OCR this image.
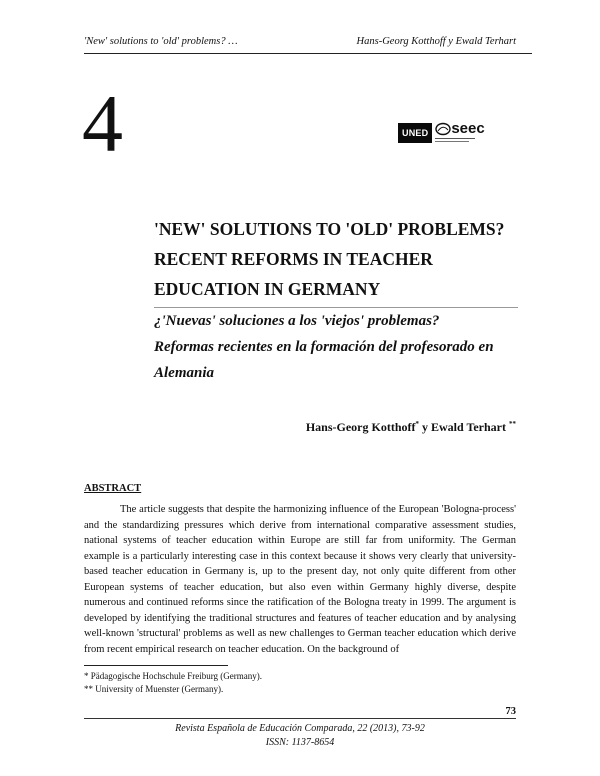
'New' solutions to 'old' problems? …	Hans-Georg Kotthoff y Ewald Terhart
4	UNED seec
'NEW' SOLUTIONS TO 'OLD' PROBLEMS?
RECENT REFORMS IN TEACHER
EDUCATION IN GERMANY
¿'Nuevas' soluciones a los 'viejos' problemas?
Reformas recientes en la formación del profesorado en
Alemania
Hans-Georg Kotthoff* y Ewald Terhart **
ABSTRACT

The article suggests that despite the harmonizing influence of the European 'Bologna-process' and the standardizing pressures which derive from international comparative assessment studies, national systems of teacher education within Europe are still far from uniformity. The German example is a particularly interesting case in this context because it shows very clearly that university-based teacher education in Germany is, up to the present day, not only quite different from other European systems of teacher education, but also even within Germany highly diverse, despite numerous and continued reforms since the ratification of the Bologna treaty in 1999. The argument is developed by identifying the traditional structures and features of teacher education and by analysing well-known 'structural' problems as well as new challenges to German teacher education which derive from recent empirical research on teacher education. On the background of

* Pädagogische Hochschule Freiburg (Germany).
** University of Muenster (Germany).
73
Revista Española de Educación Comparada, 22 (2013), 73-92
ISSN: 1137-8654
